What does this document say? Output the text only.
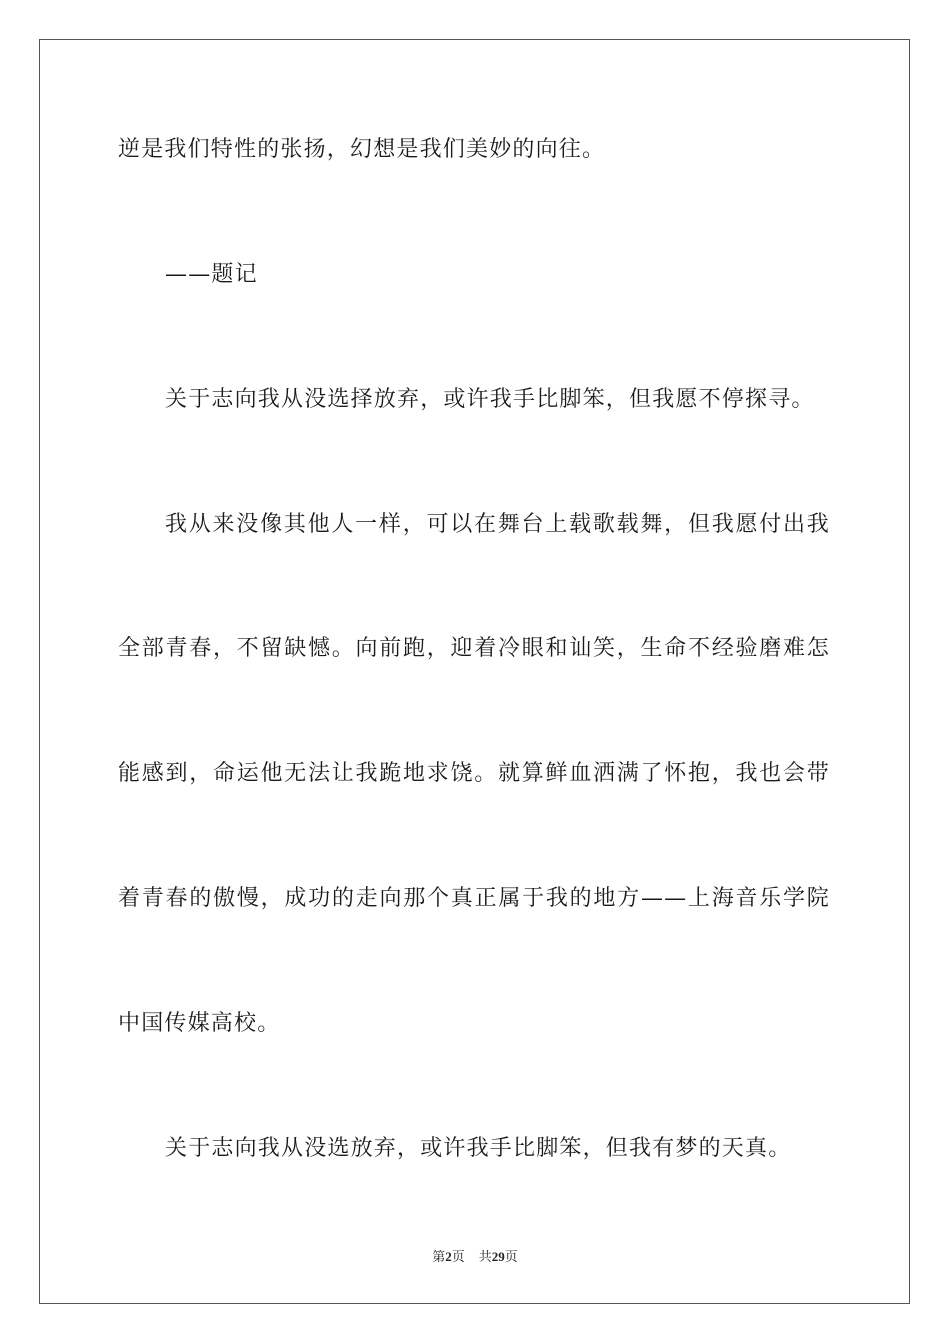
逆是我们特性的张扬，幻想是我们美妙的向往。
——题记
关于志向我从没选择放弃，或许我手比脚笨，但我愿不停探寻。
我从来没像其他人一样，可以在舞台上载歌载舞，但我愿付出我
全部青春，不留缺憾。向前跑，迎着冷眼和讪笑，生命不经验磨难怎
能感到，命运他无法让我跪地求饶。就算鲜血洒满了怀抱，我也会带
着青春的傲慢，成功的走向那个真正属于我的地方——上海音乐学院
中国传媒高校。
关于志向我从没选放弃，或许我手比脚笨，但我有梦的天真。
第2页 共29页
